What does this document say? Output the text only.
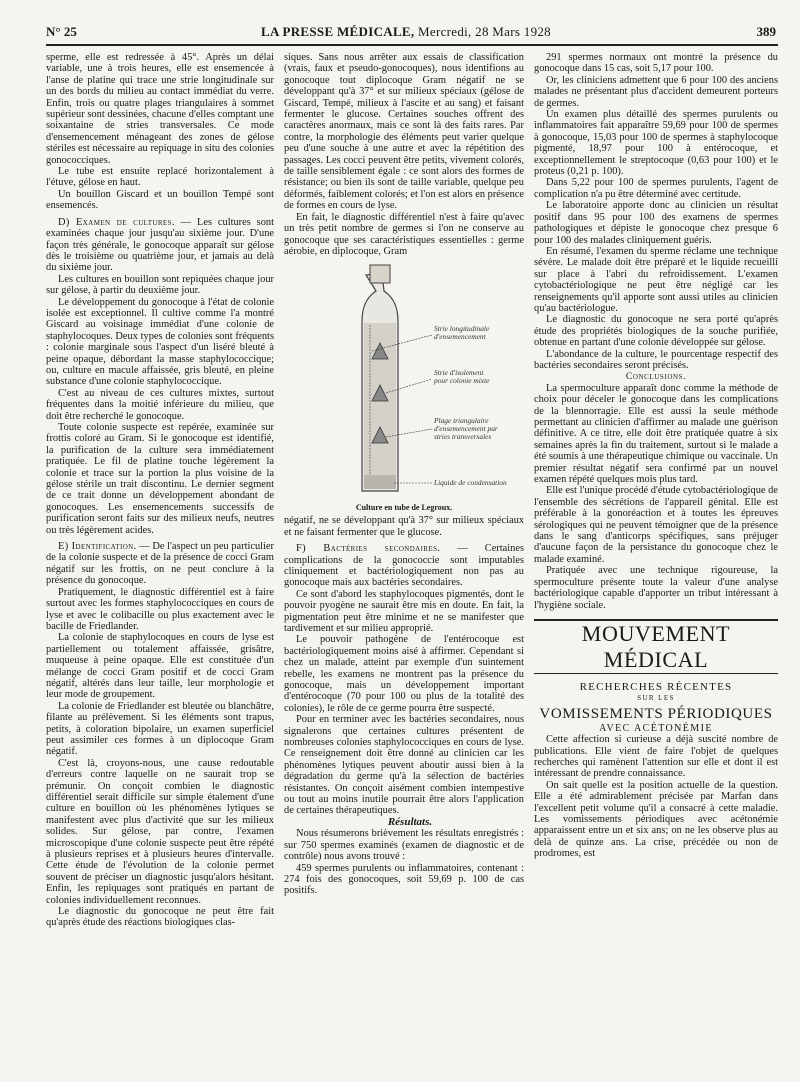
N° 25	LA PRESSE MÉDICALE, Mercredi, 28 Mars 1928	389

sperme, elle est redressée à 45°. Après un délai variable, une à trois heures, elle est ensemencée à l'anse de platine qui trace une strie longitudinale sur un des bords du milieu au contact immédiat du verre. Enfin, trois ou quatre plages triangulaires à sommet supérieur sont dessinées, chacune d'elles comptant une soixantaine de stries transversales. Ce mode d'ensemencement ménageant des zones de gélose stériles est nécessaire au repiquage in situ des colonies gonococciques.

Le tube est ensuite replacé horizontalement à l'étuve, gélose en haut.

Un bouillon Giscard et un bouillon Tempé sont ensemencés.

D) Examen de cultures. — Les cultures sont examinées chaque jour jusqu'au sixième jour. D'une façon très générale, le gonocoque apparaît sur gélose dès le troisième ou quatrième jour, et jamais au delà du sixième jour.

Les cultures en bouillon sont repiquées chaque jour sur gélose, à partir du deuxième jour.

Le développement du gonocoque à l'état de colonie isolée est exceptionnel. Il cultive comme l'a montré Giscard au voisinage immédiat d'une colonie de staphylocoques. Deux types de colonies sont fréquents : colonie marginale sous l'aspect d'un liséré bleuté à peine opaque, débordant la masse staphylococcique; ou, culture en macule affaissée, gris bleuté, en pleine substance d'une colonie staphylococcique.

C'est au niveau de ces cultures mixtes, surtout fréquentes dans la moitié inférieure du milieu, que doit être recherché le gonocoque.

Toute colonie suspecte est repérée, examinée sur frottis coloré au Gram. Si le gonocoque est identifié, la purification de la culture sera immédiatement pratiquée. Le fil de platine touche légèrement la colonie et trace sur la portion la plus voisine de la gélose stérile un trait discontinu. Le dernier segment de ce trait donne un développement abondant de gonocoques. Les ensemencements successifs de purification seront faits sur des milieux neufs, neutres ou très légèrement acides.

E) Identification. — De l'aspect un peu particulier de la colonie suspecte et de la présence de cocci Gram négatif sur les frottis, on ne peut conclure à la présence du gonocoque.

Pratiquement, le diagnostic différentiel est à faire surtout avec les formes staphylococciques en cours de lyse et avec le colibacille ou plus exactement avec le bacille de Friedlander.

La colonie de staphylocoques en cours de lyse est partiellement ou totalement affaissée, grisâtre, muqueuse à peine opaque. Elle est constituée d'un mélange de cocci Gram positif et de cocci Gram négatif, altérés dans leur taille, leur morphologie et leur mode de groupement.

La colonie de Friedlander est bleutée ou blanchâtre, filante au prélèvement. Si les éléments sont trapus, petits, à coloration bipolaire, un examen superficiel peut assimiler ces formes à un diplocoque Gram négatif.

C'est là, croyons-nous, une cause redoutable d'erreurs contre laquelle on ne saurait trop se prémunir. On conçoit combien le diagnostic différentiel serait difficile sur simple étalement d'une culture en bouillon où les phénomènes lytiques se manifestent avec plus d'activité que sur les milieux solides. Sur gélose, par contre, l'examen microscopique d'une colonie suspecte peut être répété à plusieurs reprises et à plusieurs heures d'intervalle. Cette étude de l'évolution de la colonie permet souvent de préciser un diagnostic jusqu'alors hésitant. Enfin, les repiquages sont pratiqués en partant de colonies individuellement reconnues.

Le diagnostic du gonocoque ne peut être fait qu'après étude des réactions biologiques clas-

siques. Sans nous arrêter aux essais de classification (vrais, faux et pseudo-gonocoques), nous identifions au gonocoque tout diplocoque Gram négatif ne se développant qu'à 37° et sur milieux spéciaux (gélose de Giscard, Tempé, milieux à l'ascite et au sang) et faisant fermenter le glucose. Certaines souches offrent des caractères anormaux, mais ce sont là des faits rares. Par contre, la morphologie des éléments peut varier quelque peu d'une souche à une autre et avec la répétition des passages. Les cocci peuvent être petits, vivement colorés, de taille sensiblement égale : ce sont alors des formes de résistance; ou bien ils sont de taille variable, quelque peu déformés, faiblement colorés; et l'on est alors en présence de formes en cours de lyse.

En fait, le diagnostic différentiel n'est à faire qu'avec un très petit nombre de germes si l'on ne conserve au gonocoque que ses caractéristiques essentielles : germe aérobie, en diplocoque, Gram

Strie longitudinale
d'ensemencement
Strie d'isolement
pour colonie mixte
Plage triangulaire
d'ensemencement par
stries transversales
Liquide de condensation
Culture en tube de Legroux.

négatif, ne se développant qu'à 37° sur milieux spéciaux et ne faisant fermenter que le glucose.

F) Bactéries secondaires. — Certaines complications de la gonococcie sont imputables cliniquement et bactériologiquement non pas au gonocoque mais aux bactéries secondaires.

Ce sont d'abord les staphylocoques pigmentés, dont le pouvoir pyogène ne saurait être mis en doute. En fait, la pigmentation peut être minime et ne se manifester que tardivement et sur milieu approprié.

Le pouvoir pathogène de l'entérocoque est bactériologiquement moins aisé à affirmer. Cependant si chez un malade, atteint par exemple d'un suintement rebelle, les examens ne montrent pas la présence du gonocoque, mais un développement important d'entérocoque (70 pour 100 ou plus de la totalité des colonies), le rôle de ce germe pourra être suspecté.

Pour en terminer avec les bactéries secondaires, nous signalerons que certaines cultures présentent de nombreuses colonies staphylococciques en cours de lyse. Ce renseignement doit être donné au clinicien car les phénomènes lytiques peuvent aboutir aussi bien à la dégradation du germe qu'à la sélection de bactéries résistantes. On conçoit aisément combien intempestive ou tout au moins inutile pourrait être alors l'application de certaines thérapeutiques.

Résultats.

Nous résumerons brièvement les résultats enregistrés : sur 750 spermes examinés (examen de diagnostic et de contrôle) nous avons trouvé :

459 spermes purulents ou inflammatoires, contenant : 274 fois des gonocoques, soit 59,69 p. 100 de cas positifs.

291 spermes normaux ont montré la présence du gonocoque dans 15 cas, soit 5,17 pour 100.

Or, les cliniciens admettent que 6 pour 100 des anciens malades ne présentant plus d'accident demeurent porteurs de germes.

Un examen plus détaillé des spermes purulents ou inflammatoires fait apparaître 59,69 pour 100 de spermes à gonocoque, 15,03 pour 100 de spermes à staphylocoque pigmenté, 18,97 pour 100 à entérocoque, et exceptionnellement le streptocoque (0,63 pour 100) et le proteus (0,21 p. 100).

Dans 5,22 pour 100 de spermes purulents, l'agent de complication n'a pu être déterminé avec certitude.

Le laboratoire apporte donc au clinicien un résultat positif dans 95 pour 100 des examens de spermes pathologiques et dépiste le gonocoque chez presque 6 pour 100 des malades cliniquement guéris.

En résumé, l'examen du sperme réclame une technique sévère. Le malade doit être préparé et le liquide recueilli sur place à l'abri du refroidissement. L'examen cytobactériologique ne peut être négligé car les renseignements qu'il apporte sont aussi utiles au clinicien qu'au bactériologue.

Le diagnostic du gonocoque ne sera porté qu'après étude des propriétés biologiques de la souche purifiée, obtenue en partant d'une colonie développée sur gélose.

L'abondance de la culture, le pourcentage respectif des bactéries secondaires seront précisés.

Conclusions.

La spermoculture apparaît donc comme la méthode de choix pour déceler le gonocoque dans les complications de la blennorragie. Elle est aussi la seule méthode permettant au clinicien d'affirmer au malade une guérison définitive. A ce titre, elle doit être pratiquée quatre à six semaines après la fin du traitement, surtout si le malade a été soumis à une thérapeutique chimique ou vaccinale. Un premier résultat négatif sera confirmé par un nouvel examen répété quelques mois plus tard.

Elle est l'unique procédé d'étude cytobactériologique de l'ensemble des sécrétions de l'appareil génital. Elle est préférable à la gonoréaction et à toutes les épreuves sérologiques qui ne peuvent témoigner que de la présence dans le sang d'anticorps spécifiques, sans préjuger d'aucune façon de la persistance du gonocoque chez le malade examiné.

Pratiquée avec une technique rigoureuse, la spermoculture présente toute la valeur d'une analyse bactériologique capable d'apporter un tribut intéressant à l'hygiène sociale.

MOUVEMENT MÉDICAL

RECHERCHES RÉCENTES

SUR LES

VOMISSEMENTS PÉRIODIQUES

AVEC ACÉTONÉMIE

Cette affection si curieuse a déjà suscité nombre de publications. Elle vient de faire l'objet de quelques recherches qui ramènent l'attention sur elle et dont il est intéressant de prendre connaissance.

On sait quelle est la position actuelle de la question. Elle a été admirablement précisée par Marfan dans l'excellent petit volume qu'il a consacré à cette maladie. Les vomissements périodiques avec acétonémie apparaissent entre un et six ans; on ne les observe plus au delà de quinze ans. La crise, précédée ou non de prodromes, est
